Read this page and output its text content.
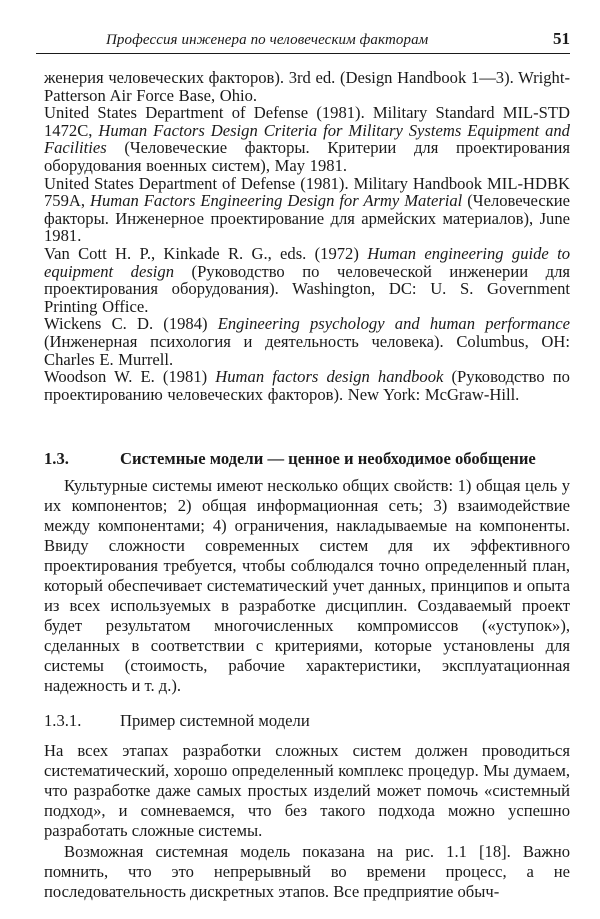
Профессия инженера по человеческим факторам	51

женерия человеческих факторов). 3rd ed. (Design Handbook 1—3). Wright-Patterson Air Force Base, Ohio.

United States Department of Defense (1981). Military Standard MIL-STD 1472C, Human Factors Design Criteria for Military Systems Equipment and Facilities (Человеческие факторы. Критерии для проектирования оборудования военных систем), May 1981.

United States Department of Defense (1981). Military Handbook MIL-HDBK 759A, Human Factors Engineering Design for Army Material (Человеческие факторы. Инженерное проектирование для армейских материалов), June 1981.

Van Cott H. P., Kinkade R. G., eds. (1972) Human engineering guide to equipment design (Руководство по человеческой инженерии для проектирования оборудования). Washington, DC: U. S. Government Printing Office.

Wickens C. D. (1984) Engineering psychology and human performance (Инженерная психология и деятельность человека). Columbus, OH: Charles E. Murrell.

Woodson W. E. (1981) Human factors design handbook (Руководство по проектированию человеческих факторов). New York: McGraw-Hill.

1.3.	Системные модели — ценное и необходимое обобщение

Культурные системы имеют несколько общих свойств: 1) общая цель у их компонентов; 2) общая информационная сеть; 3) взаимодействие между компонентами; 4) ограничения, накладываемые на компоненты. Ввиду сложности современных систем для их эффективного проектирования требуется, чтобы соблюдался точно определенный план, который обеспечивает систематический учет данных, принципов и опыта из всех используемых в разработке дисциплин. Создаваемый проект будет результатом многочисленных компромиссов («уступок»), сделанных в соответствии с критериями, которые установлены для системы (стоимость, рабочие характеристики, эксплуатационная надежность и т. д.).

1.3.1. Пример системной модели

На всех этапах разработки сложных систем должен проводиться систематический, хорошо определенный комплекс процедур. Мы думаем, что разработке даже самых простых изделий может помочь «системный подход», и сомневаемся, что без такого подхода можно успешно разработать сложные системы.

Возможная системная модель показана на рис. 1.1 [18]. Важно помнить, что это непрерывный во времени процесс, а не последовательность дискретных этапов. Все предприятие обыч-
